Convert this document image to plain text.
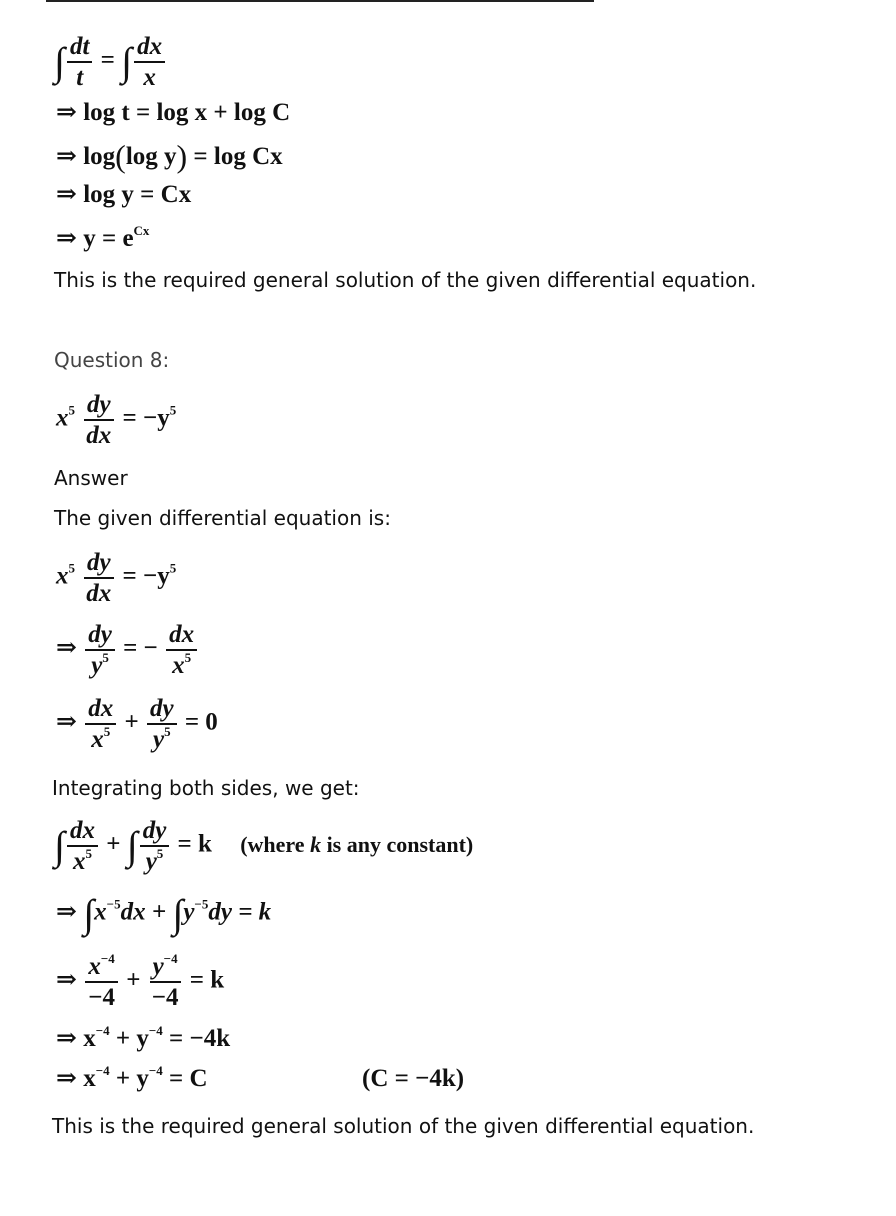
∫ $\frac{dt}{t}$ = ∫ $\frac{dx}{x}$
⇒ log t = log x + log C
⇒ log(log y) = log Cx
⇒ log y = Cx
⇒ $y = e^{Cx}$
This is the required general solution of the given differential equation.
Question 8:
$x^5 \frac{dy}{dx} = -y^5$
Answer
The given differential equation is:
$x^5 \frac{dy}{dx} = -y^5$
⇒ $\frac{dy}{y^5}$ = − $\frac{dx}{x^5}$
⇒ $\frac{dx}{x^5} + \frac{dy}{y^5} = 0$
Integrating both sides, we get:
∫ $\frac{dx}{x^5}$ + ∫ $\frac{dy}{y^5} = k$ (where k is any constant)
⇒ $\int x^{-5}dx + \int y^{-5}dy = k$
⇒ $\frac{x^{-4}}{-4} + \frac{y^{-4}}{-4} = k$
⇒ $x^{-4} + y^{-4} = -4k$
⇒ $x^{-4} + y^{-4} = C$	(C = −4k)
This is the required general solution of the given differential equation.
